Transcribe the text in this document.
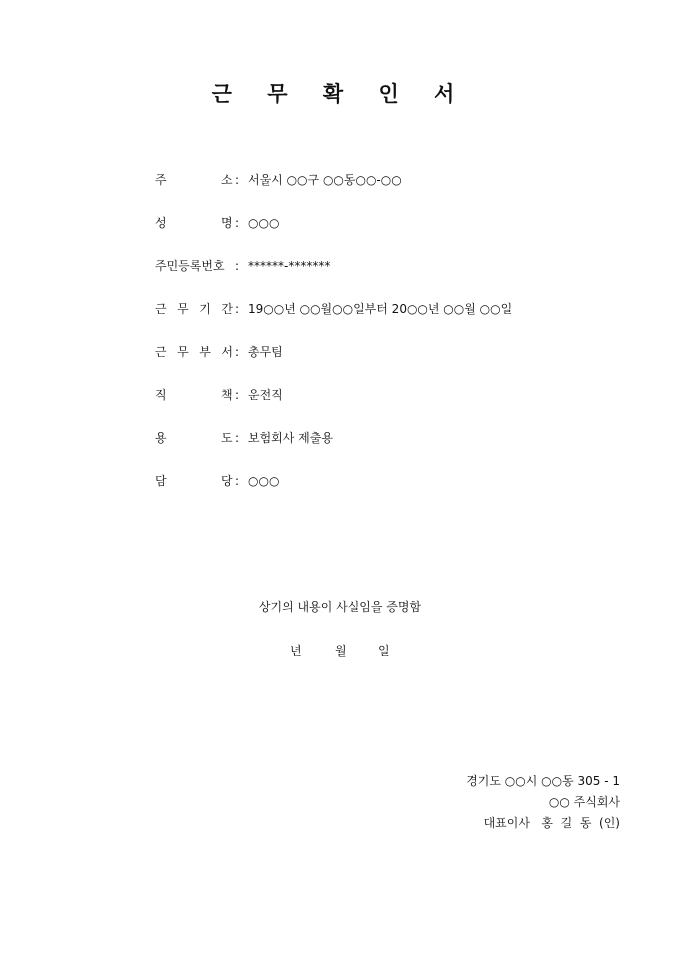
근 무 확 인 서
주	소 : 서울시 ○○구 ○○동○○-○○
성	명 : ○○○
주민등록번호 : ******-*******
근 무 기 간 : 19○○년 ○○월○○일부터 20○○년 ○○월 ○○일
근 무 부 서 : 총무팀
직	책 : 운전직
용	도 : 보험회사 제출용
담	당 : ○○○
상기의 내용이 사실임을 증명함
년	월	일
경기도 ○○시 ○○동 305 - 1
○○ 주식회사
대표이사   홍  길  동  (인)
